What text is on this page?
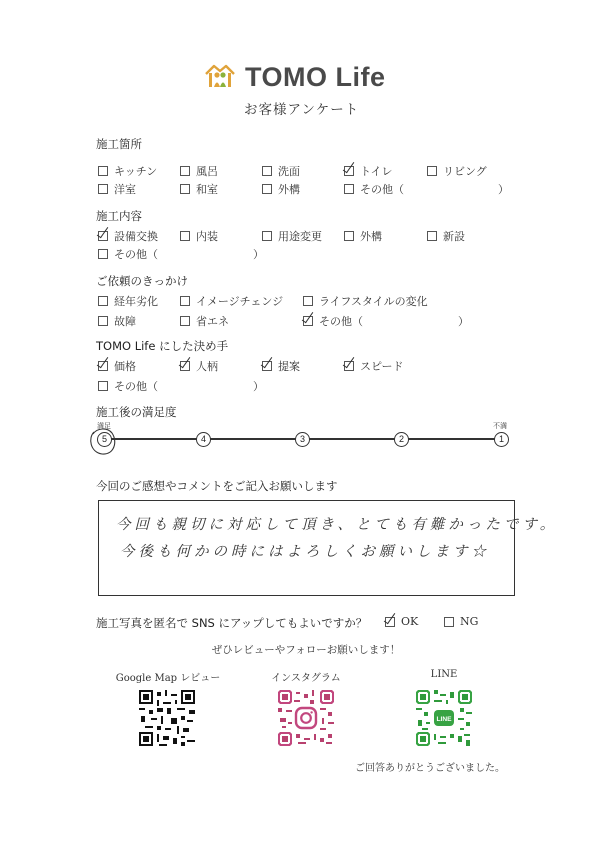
TOMO Life
お客様アンケート
施工箇所
キッチン	風呂	洗面	トイレ	リビング
洋室	和室	外構	その他（	）
施工内容
設備交換	内装	用途変更	外構	新設
その他（	）
ご依頼のきっかけ
経年劣化	イメージチェンジ	ライフスタイルの変化
故障	省エネ	その他（	）
TOMO Life にした決め手
価格	人柄	提案	スピード
その他（	）
施工後の満足度
満足	不満
5	4	3	2	1
今回のご感想やコメントをご記入お願いします
今回も親切に対応して頂き、とても有難かったです。
今後も何かの時にはよろしくお願いします☆
施工写真を匿名で SNS にアップしてもよいですか？	OK	NG
ぜひレビューやフォローお願いします！
Google Map レビュー	インスタグラム	LINE
LINE
ご回答ありがとうございました。
